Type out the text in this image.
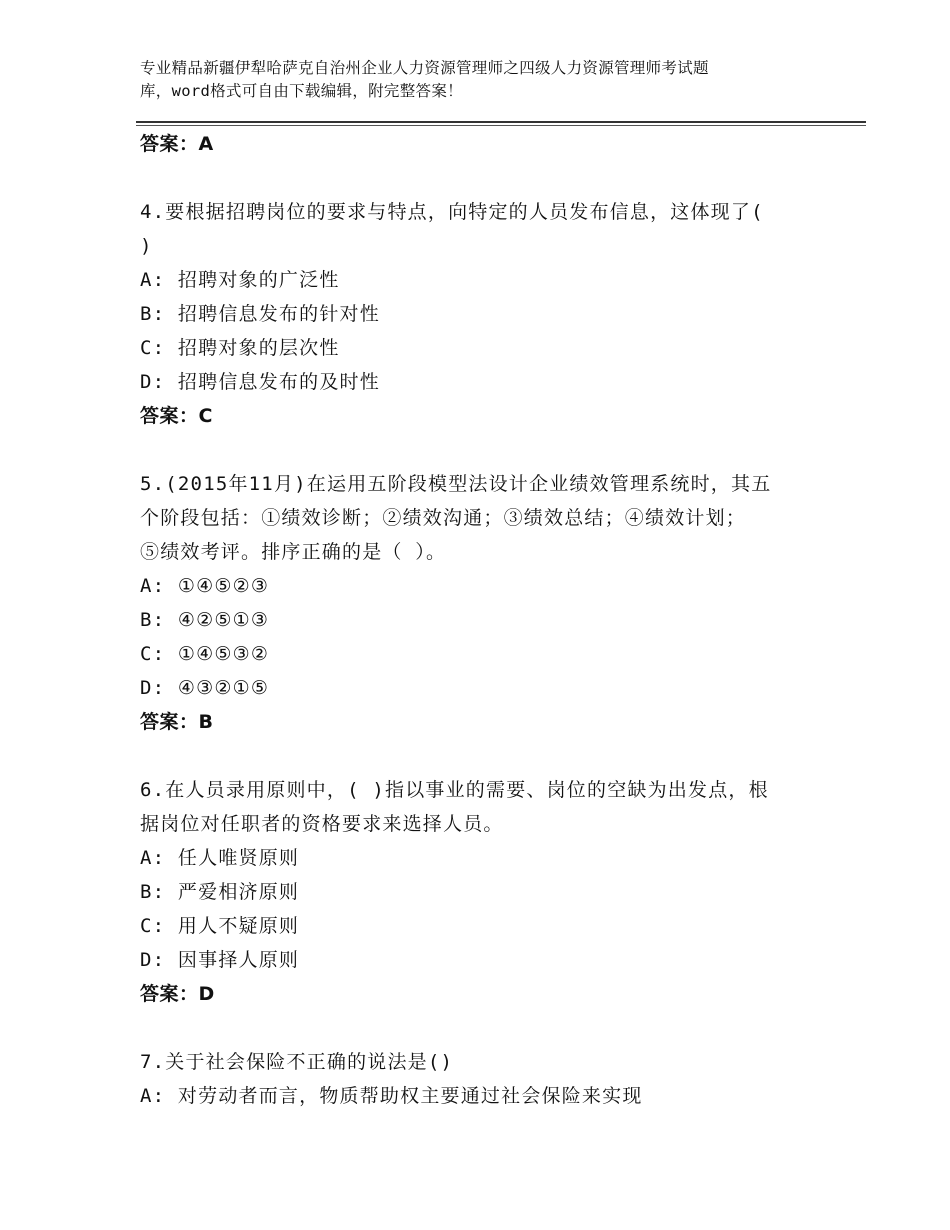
专业精品新疆伊犁哈萨克自治州企业人力资源管理师之四级人力资源管理师考试题
库，word格式可自由下载编辑，附完整答案！
答案：A
4.要根据招聘岗位的要求与特点，向特定的人员发布信息，这体现了(
)
A: 招聘对象的广泛性
B: 招聘信息发布的针对性
C: 招聘对象的层次性
D: 招聘信息发布的及时性
答案：C
5.(2015年11月)在运用五阶段模型法设计企业绩效管理系统时，其五
个阶段包括：①绩效诊断；②绩效沟通；③绩效总结；④绩效计划；
⑤绩效考评。排序正确的是（ ）。
A: ①④⑤②③
B: ④②⑤①③
C: ①④⑤③②
D: ④③②①⑤
答案：B
6.在人员录用原则中，( )指以事业的需要、岗位的空缺为出发点，根
据岗位对任职者的资格要求来选择人员。
A: 任人唯贤原则
B: 严爱相济原则
C: 用人不疑原则
D: 因事择人原则
答案：D
7.关于社会保险不正确的说法是()
A: 对劳动者而言，物质帮助权主要通过社会保险来实现
